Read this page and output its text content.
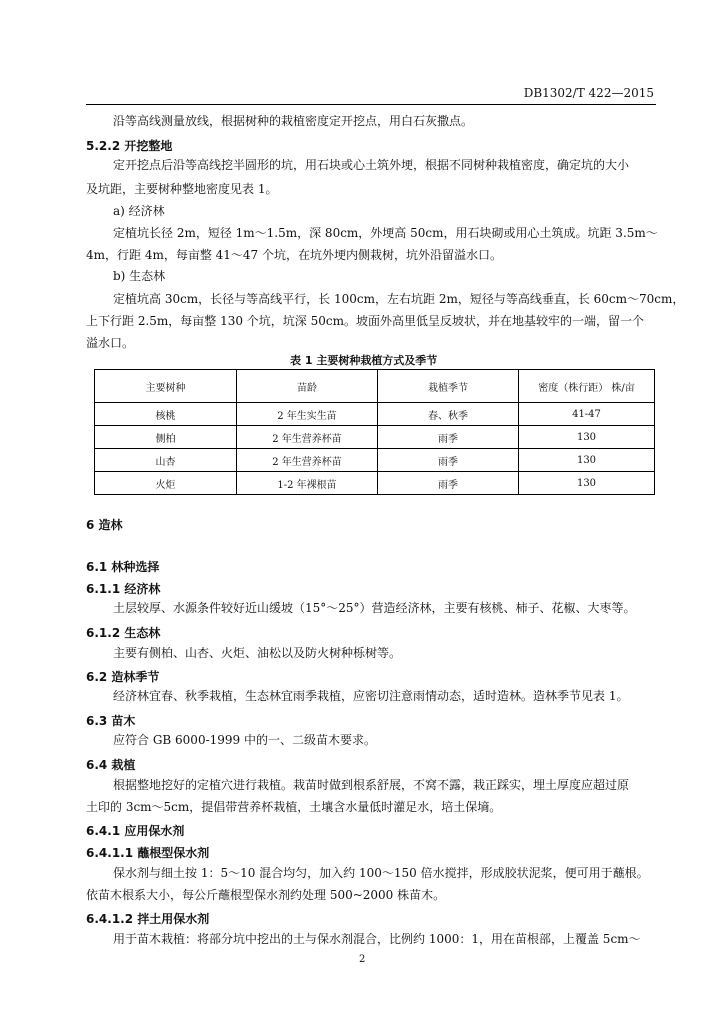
DB1302/T 422—2015
沿等高线测量放线，根据树种的栽植密度定开挖点，用白石灰撒点。
5.2.2 开挖整地
定开挖点后沿等高线挖半圆形的坑，用石块或心土筑外埂，根据不同树种栽植密度，确定坑的大小
及坑距，主要树种整地密度见表 1。
a) 经济林
定植坑长径 2m，短径 1m～1.5m，深 80cm，外埂高 50cm，用石块砌或用心土筑成。坑距 3.5m～
4m，行距 4m，每亩整 41～47 个坑，在坑外埂内侧栽树，坑外沿留溢水口。
b) 生态林
定植坑高 30cm，长径与等高线平行，长 100cm，左右坑距 2m，短径与等高线垂直，长 60cm～70cm，
上下行距 2.5m，每亩整 130 个坑，坑深 50cm。坡面外高里低呈反坡状，并在地基较牢的一端，留一个
溢水口。
表 1 主要树种栽植方式及季节
主要树种	苗龄	栽植季节	密度（株行距） 株/亩
核桃	2 年生实生苗	春、秋季	41-47
侧柏	2 年生营养杯苗	雨季	130
山杏	2 年生营养杯苗	雨季	130
火炬	1-2 年裸根苗	雨季	130
6 造林
6.1 林种选择
6.1.1 经济林
土层较厚、水源条件较好近山缓坡（15°～25°）营造经济林，主要有核桃、柿子、花椒、大枣等。
6.1.2 生态林
主要有侧柏、山杏、火炬、油松以及防火树种栎树等。
6.2 造林季节
经济林宜春、秋季栽植，生态林宜雨季栽植，应密切注意雨情动态，适时造林。造林季节见表 1。
6.3 苗木
应符合 GB 6000-1999 中的一、二级苗木要求。
6.4 栽植
根据整地挖好的定植穴进行栽植。栽苗时做到根系舒展，不窝不露，栽正踩实，埋土厚度应超过原
土印的 3cm～5cm，提倡带营养杯栽植，土壤含水量低时灌足水，培土保墒。
6.4.1 应用保水剂
6.4.1.1 蘸根型保水剂
保水剂与细土按 1：5～10 混合均匀，加入约 100～150 倍水搅拌，形成胶状泥浆，便可用于蘸根。
依苗木根系大小，每公斤蘸根型保水剂约处理 500~2000 株苗木。
6.4.1.2 拌土用保水剂
用于苗木栽植：将部分坑中挖出的土与保水剂混合，比例约 1000：1，用在苗根部，上覆盖 5cm～
2
